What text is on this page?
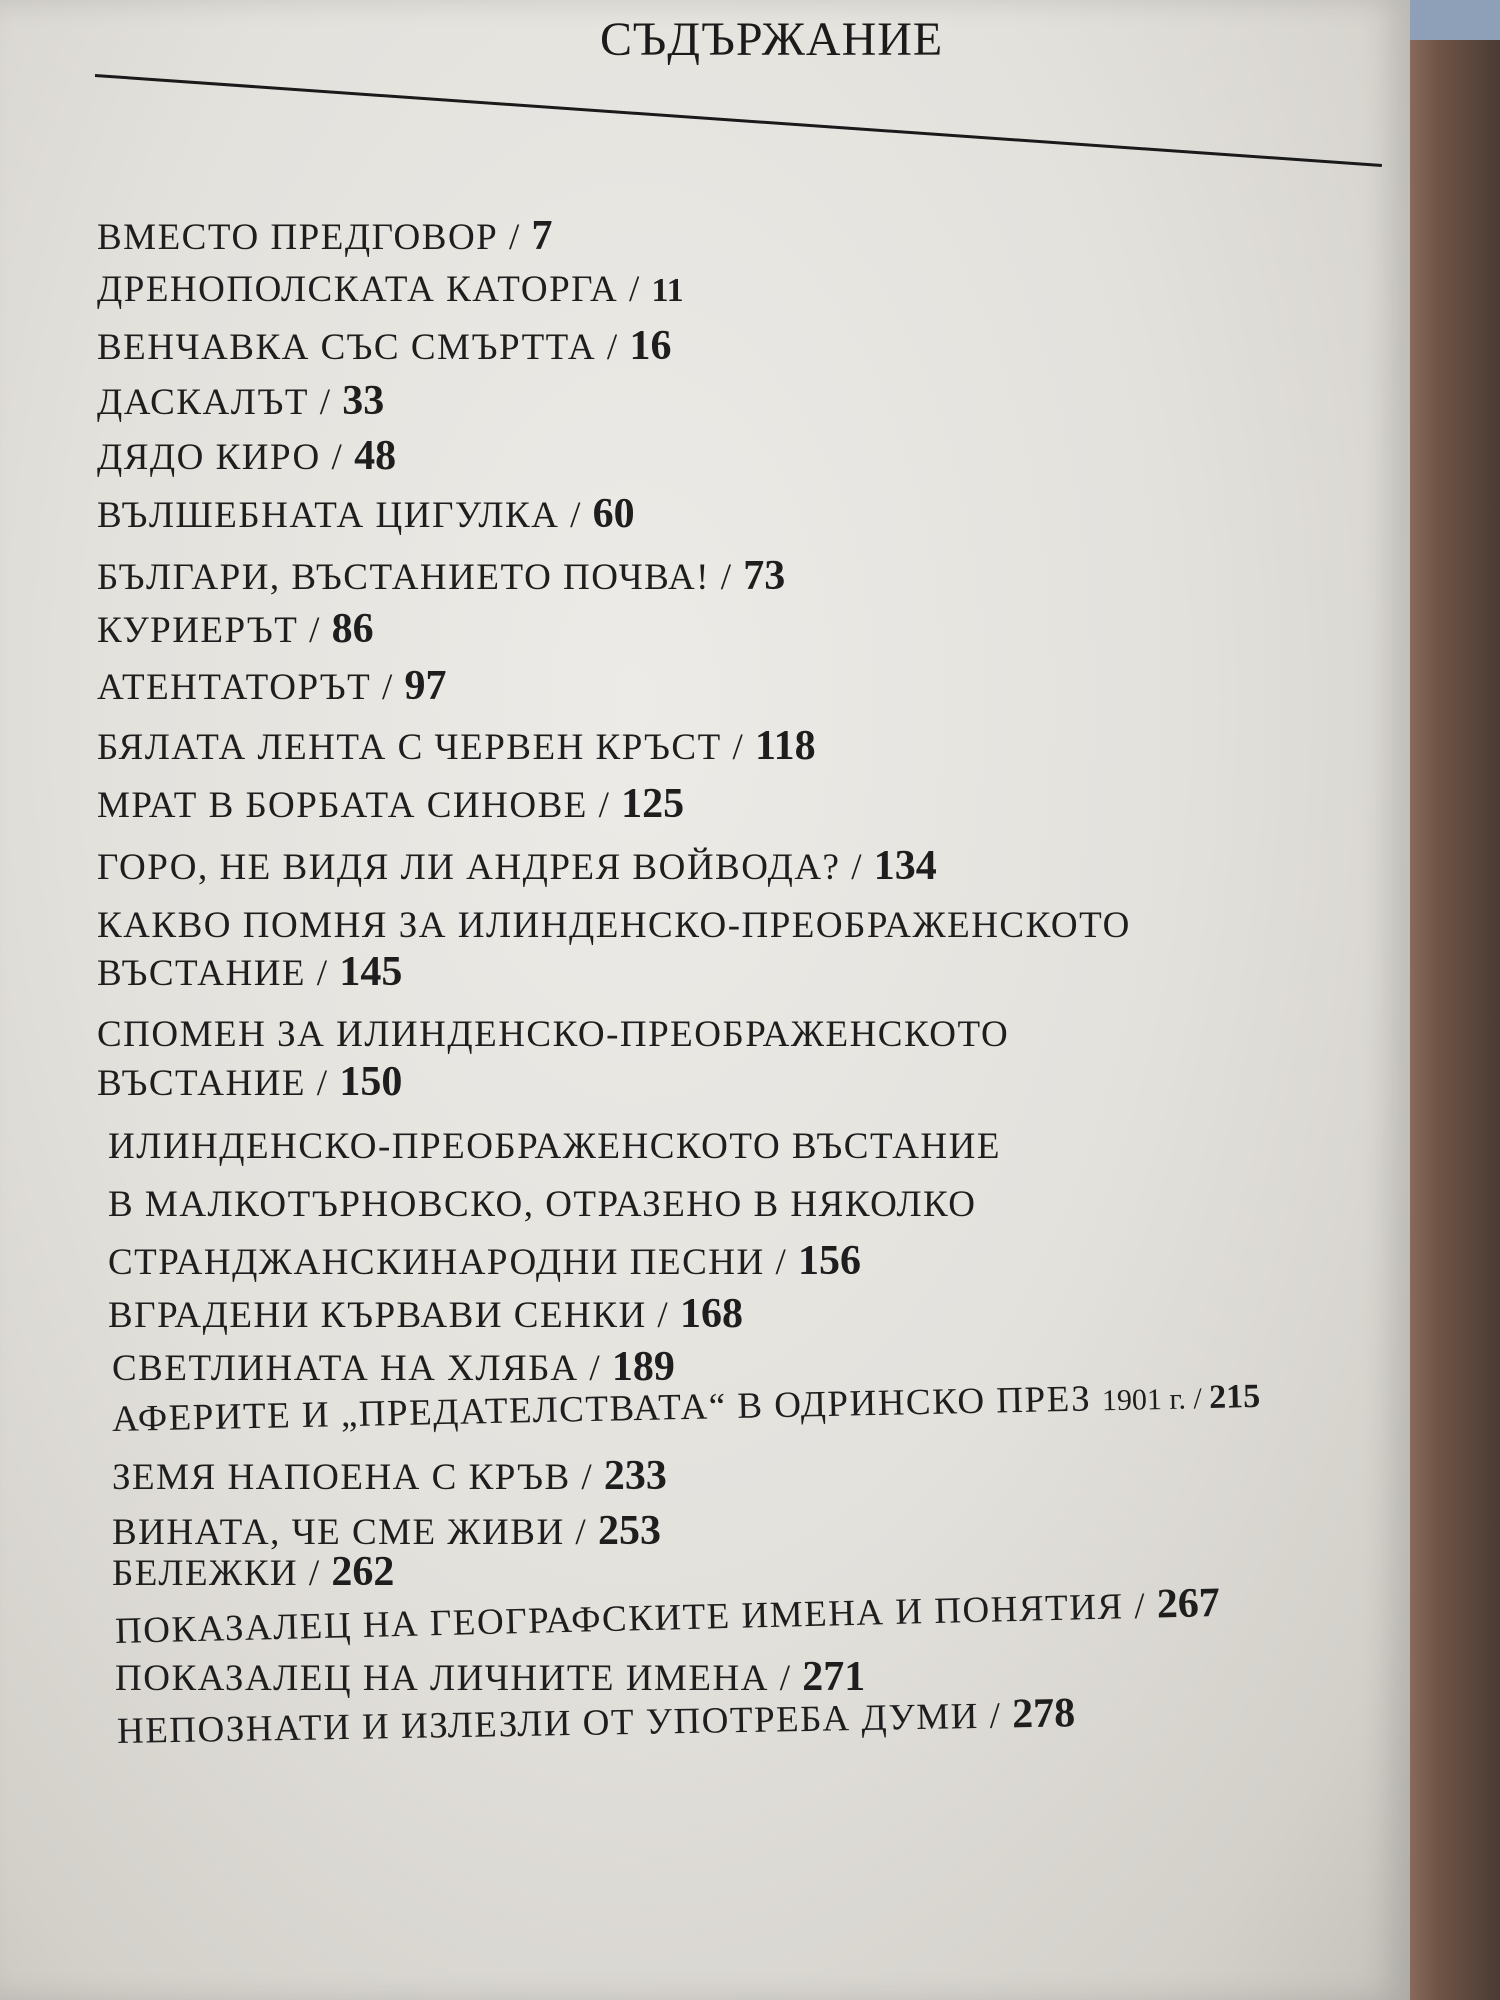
СЪДЪРЖАНИЕ
ВМЕСТО ПРЕДГОВОР / 7
ДРЕНОПОЛСКАТА КАТОРГА / 11
ВЕНЧАВКА СЪС СМЪРТТА / 16
ДАСКАЛЪТ / 33
ДЯДО КИРО / 48
ВЪЛШЕБНАТА ЦИГУЛКА / 60
БЪЛГАРИ, ВЪСТАНИЕТО ПОЧВА! / 73
КУРИЕРЪТ / 86
АТЕНТАТОРЪТ / 97
БЯЛАТА ЛЕНТА С ЧЕРВЕН КРЪСТ / 118
МРАТ В БОРБАТА СИНОВЕ / 125
ГОРО, НЕ ВИДЯ ЛИ АНДРЕЯ ВОЙВОДА? / 134
КАКВО ПОМНЯ ЗА ИЛИНДЕНСКО-ПРЕОБРАЖЕНСКОТО
ВЪСТАНИЕ / 145
СПОМЕН ЗА ИЛИНДЕНСКО-ПРЕОБРАЖЕНСКОТО
ВЪСТАНИЕ / 150
ИЛИНДЕНСКО-ПРЕОБРАЖЕНСКОТО ВЪСТАНИЕ
В МАЛКОТЪРНОВСКО, ОТРАЗЕНО В НЯКОЛКО
СТРАНДЖАНСКИНАРОДНИ ПЕСНИ / 156
ВГРАДЕНИ КЪРВАВИ СЕНКИ / 168
СВЕТЛИНАТА НА ХЛЯБА / 189
АФЕРИТЕ И „ПРЕДАТЕЛСТВАТА“ В ОДРИНСКО ПРЕЗ 1901 г. / 215
ЗЕМЯ НАПОЕНА С КРЪВ / 233
ВИНАТА, ЧЕ СМЕ ЖИВИ / 253
БЕЛЕЖКИ / 262
ПОКАЗАЛЕЦ НА ГЕОГРАФСКИТЕ ИМЕНА И ПОНЯТИЯ / 267
ПОКАЗАЛЕЦ НА ЛИЧНИТЕ ИМЕНА / 271
НЕПОЗНАТИ И ИЗЛЕЗЛИ ОТ УПОТРЕБА ДУМИ / 278
